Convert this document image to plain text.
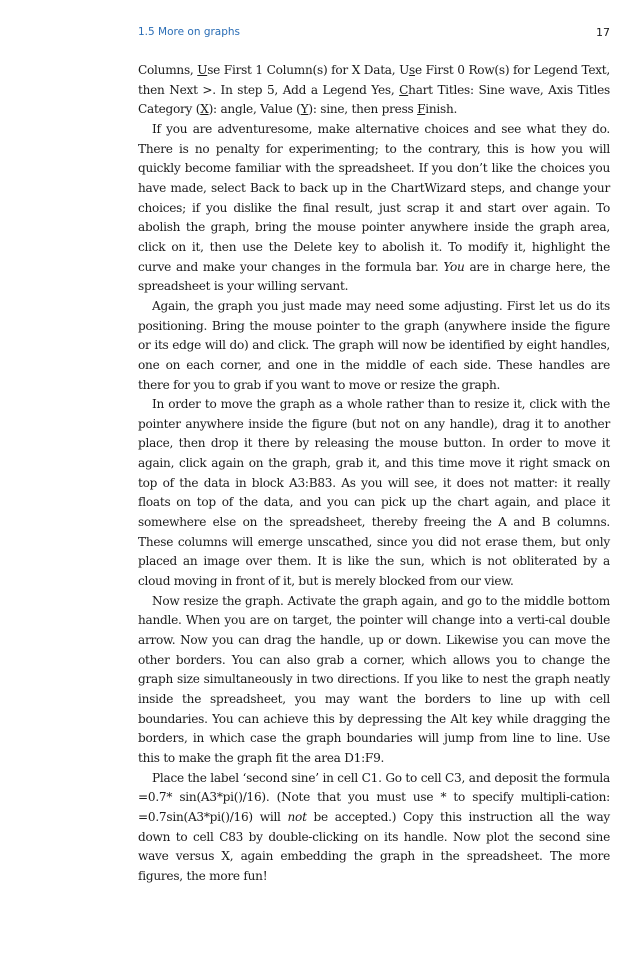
1.5 More on graphs	17

Columns, Use First 1 Column(s) for X Data, Use First 0 Row(s) for Legend Text, then Next >. In step 5, Add a Legend Yes, Chart Titles: Sine wave, Axis Titles Category (X): angle, Value (Y): sine, then press Finish.

If you are adventuresome, make alternative choices and see what they do. There is no penalty for experimenting; to the contrary, this is how you will quickly become familiar with the spreadsheet. If you don’t like the choices you have made, select Back to back up in the ChartWizard steps, and change your choices; if you dislike the final result, just scrap it and start over again. To abolish the graph, bring the mouse pointer anywhere inside the graph area, click on it, then use the Delete key to abolish it. To modify it, highlight the curve and make your changes in the formula bar. You are in charge here, the spreadsheet is your willing servant.

Again, the graph you just made may need some adjusting. First let us do its positioning. Bring the mouse pointer to the graph (anywhere inside the figure or its edge will do) and click. The graph will now be identified by eight handles, one on each corner, and one in the middle of each side. These handles are there for you to grab if you want to move or resize the graph.

In order to move the graph as a whole rather than to resize it, click with the pointer anywhere inside the figure (but not on any handle), drag it to another place, then drop it there by releasing the mouse button. In order to move it again, click again on the graph, grab it, and this time move it right smack on top of the data in block A3:B83. As you will see, it does not matter: it really floats on top of the data, and you can pick up the chart again, and place it somewhere else on the spreadsheet, thereby freeing the A and B columns. These columns will emerge unscathed, since you did not erase them, but only placed an image over them. It is like the sun, which is not obliterated by a cloud moving in front of it, but is merely blocked from our view.

Now resize the graph. Activate the graph again, and go to the middle bottom handle. When you are on target, the pointer will change into a verti-cal double arrow. Now you can drag the handle, up or down. Likewise you can move the other borders. You can also grab a corner, which allows you to change the graph size simultaneously in two directions. If you like to nest the graph neatly inside the spreadsheet, you may want the borders to line up with cell boundaries. You can achieve this by depressing the Alt key while dragging the borders, in which case the graph boundaries will jump from line to line. Use this to make the graph fit the area D1:F9.

Place the label ‘second sine’ in cell C1. Go to cell C3, and deposit the formula =0.7* sin(A3*pi()/16). (Note that you must use * to specify multipli-cation: =0.7sin(A3*pi()/16) will not be accepted.) Copy this instruction all the way down to cell C83 by double-clicking on its handle. Now plot the second sine wave versus X, again embedding the graph in the spreadsheet. The more figures, the more fun!
